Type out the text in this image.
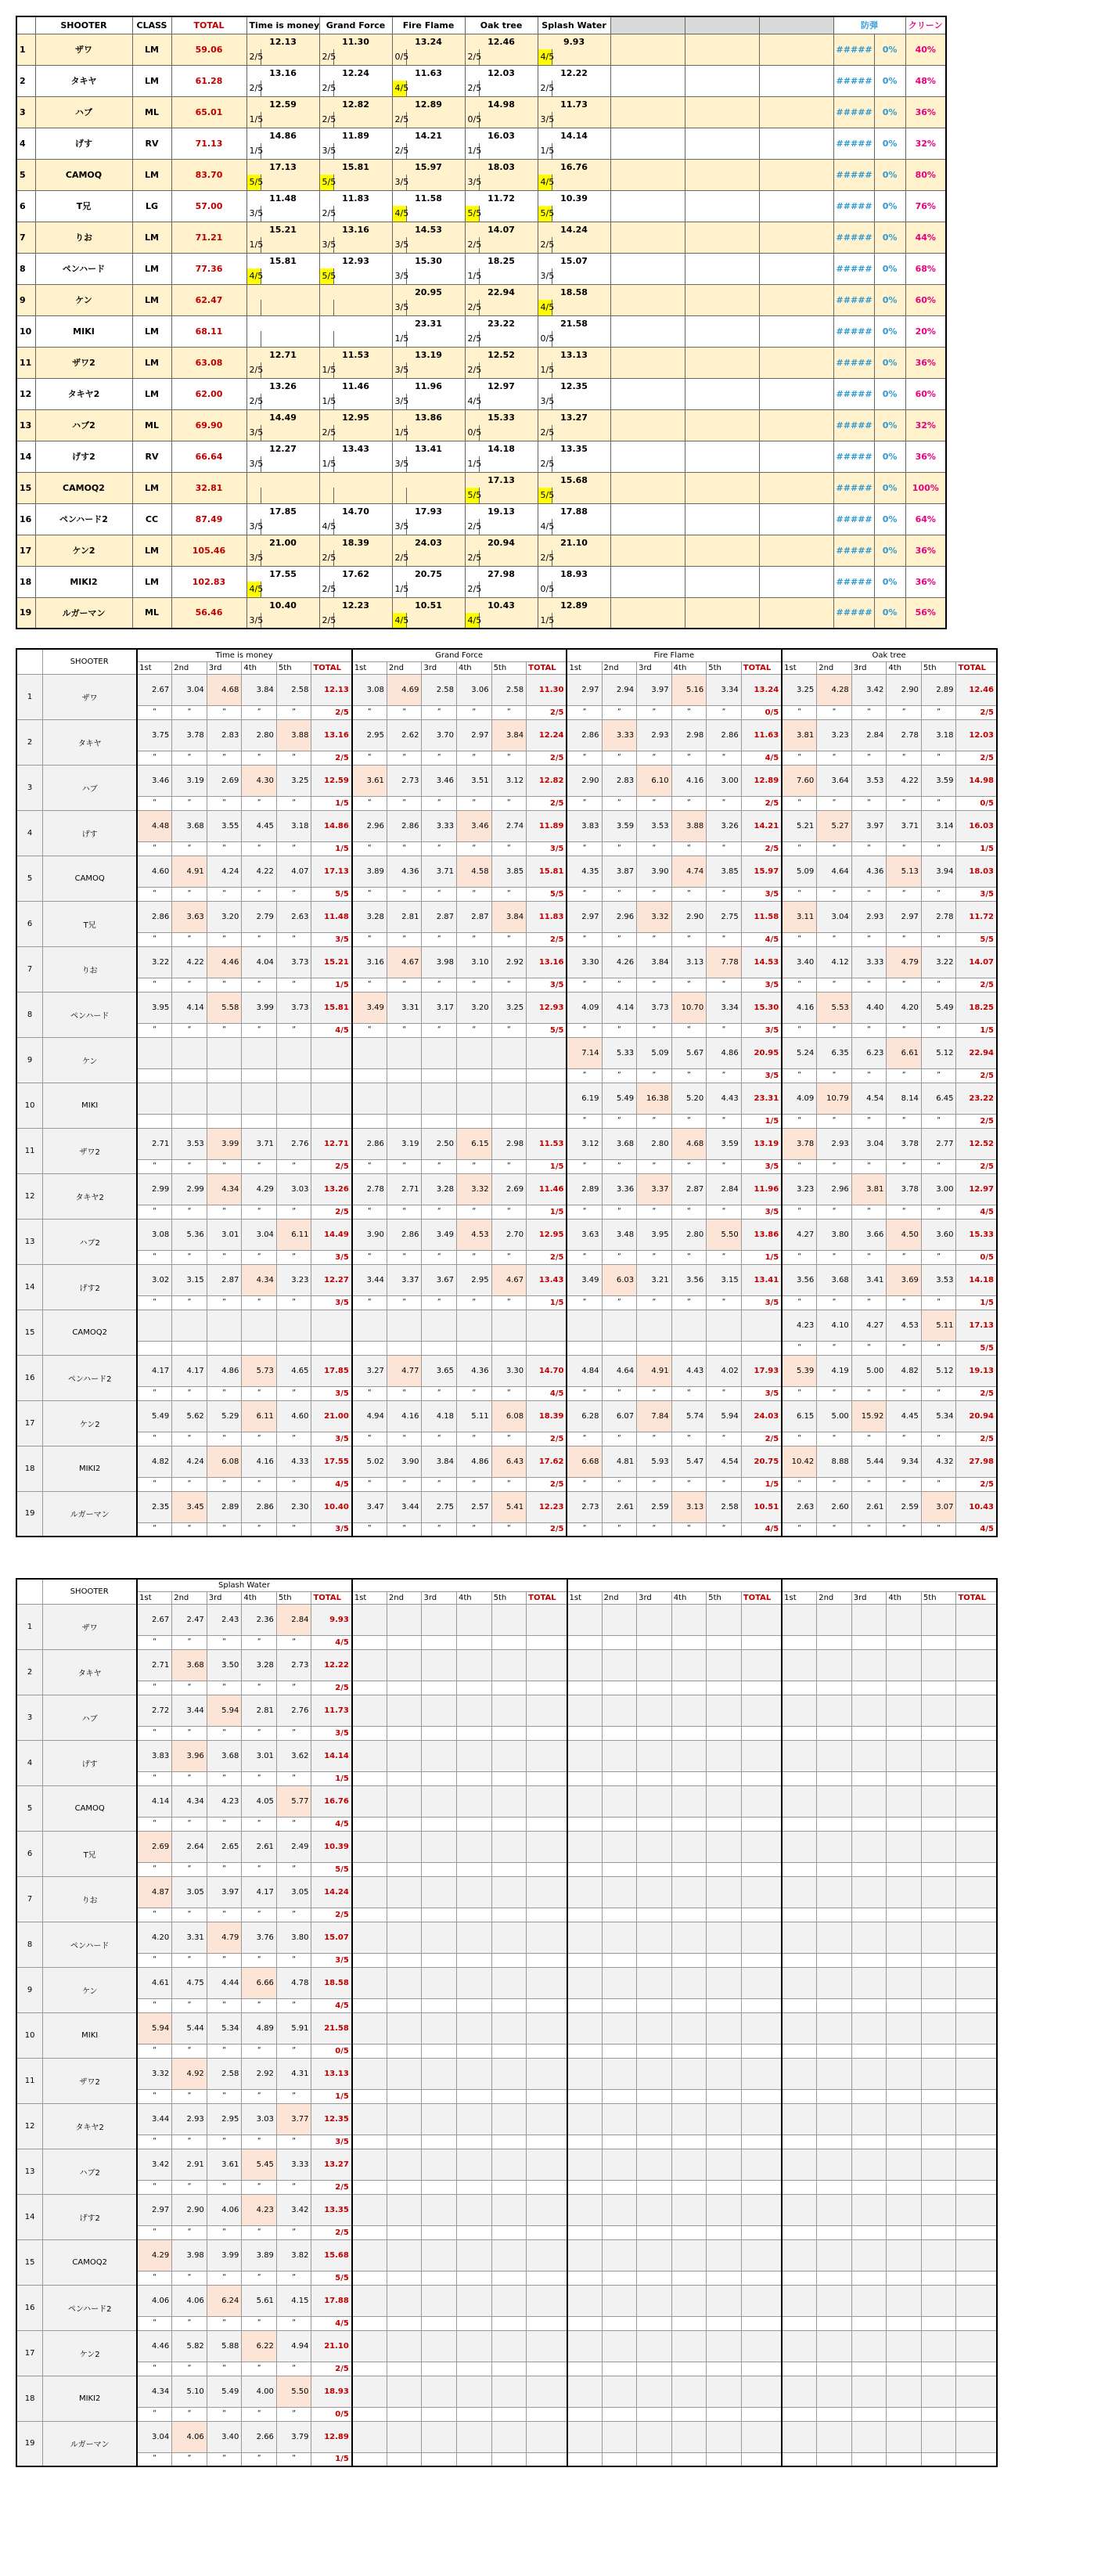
	SHOOTER	CLASS	TOTAL	Time is money		Grand Force		Fire Flame		Oak tree		Splash Water					防弾		クリーン
1	ザワ	LM	59.06	12.13		11.30		13.24		12.46		9.93					#####	0%	40%
				2/5		2/5		0/5		2/5		4/5							
2	タキヤ	LM	61.28	13.16		12.24		11.63		12.03		12.22					#####	0%	48%
				2/5		2/5		4/5		2/5		2/5							
3	ハブ	ML	65.01	12.59		12.82		12.89		14.98		11.73					#####	0%	36%
				1/5		2/5		2/5		0/5		3/5							
4	げす	RV	71.13	14.86		11.89		14.21		16.03		14.14					#####	0%	32%
				1/5		3/5		2/5		1/5		1/5							
5	CAMOQ	LM	83.70	17.13		15.81		15.97		18.03		16.76					#####	0%	80%
				5/5		5/5		3/5		3/5		4/5							
6	T兄	LG	57.00	11.48		11.83		11.58		11.72		10.39					#####	0%	76%
				3/5		2/5		4/5		5/5		5/5							
7	りお	LM	71.21	15.21		13.16		14.53		14.07		14.24					#####	0%	44%
				1/5		3/5		3/5		2/5		2/5							
8	ペンハード	LM	77.36	15.81		12.93		15.30		18.25		15.07					#####	0%	68%
				4/5		5/5		3/5		1/5		3/5							
9	ケン	LM	62.47					20.95		22.94		18.58					#####	0%	60%
								3/5		2/5		4/5							
10	MIKI	LM	68.11					23.31		23.22		21.58					#####	0%	20%
								1/5		2/5		0/5							
11	ザワ2	LM	63.08	12.71		11.53		13.19		12.52		13.13					#####	0%	36%
				2/5		1/5		3/5		2/5		1/5							
12	タキヤ2	LM	62.00	13.26		11.46		11.96		12.97		12.35					#####	0%	60%
				2/5		1/5		3/5		4/5		3/5							
13	ハブ2	ML	69.90	14.49		12.95		13.86		15.33		13.27					#####	0%	32%
				3/5		2/5		1/5		0/5		2/5							
14	げす2	RV	66.64	12.27		13.43		13.41		14.18		13.35					#####	0%	36%
				3/5		1/5		3/5		1/5		2/5							
15	CAMOQ2	LM	32.81							17.13		15.68					#####	0%	100%
										5/5		5/5							
16	ペンハード2	CC	87.49	17.85		14.70		17.93		19.13		17.88					#####	0%	64%
				3/5		4/5		3/5		2/5		4/5							
17	ケン2	LM	105.46	21.00		18.39		24.03		20.94		21.10					#####	0%	36%
				3/5		2/5		2/5		2/5		2/5							
18	MIKI2	LM	102.83	17.55		17.62		20.75		27.98		18.93					#####	0%	36%
				4/5		2/5		1/5		2/5		0/5							
19	ルガーマン	ML	56.46	10.40		12.23		10.51		10.43		12.89					#####	0%	56%
				3/5		2/5		4/5		4/5		1/5							
	SHOOTER	Time is money						Grand Force						Fire Flame						Oak tree					
		1st	2nd	3rd	4th	5th	TOTAL	1st	2nd	3rd	4th	5th	TOTAL	1st	2nd	3rd	4th	5th	TOTAL	1st	2nd	3rd	4th	5th	TOTAL
1	ザワ	2.67	3.04	4.68	3.84	2.58	12.13	3.08	4.69	2.58	3.06	2.58	11.30	2.97	2.94	3.97	5.16	3.34	13.24	3.25	4.28	3.42	2.90	2.89	12.46
		ʺ	ʺ	ʺ	ʺ	ʺ	2/5	ʺ	ʺ	ʺ	ʺ	ʺ	2/5	ʺ	ʺ	ʺ	ʺ	ʺ	0/5	ʺ	ʺ	ʺ	ʺ	ʺ	2/5
2	タキヤ	3.75	3.78	2.83	2.80	3.88	13.16	2.95	2.62	3.70	2.97	3.84	12.24	2.86	3.33	2.93	2.98	2.86	11.63	3.81	3.23	2.84	2.78	3.18	12.03
		ʺ	ʺ	ʺ	ʺ	ʺ	2/5	ʺ	ʺ	ʺ	ʺ	ʺ	2/5	ʺ	ʺ	ʺ	ʺ	ʺ	4/5	ʺ	ʺ	ʺ	ʺ	ʺ	2/5
3	ハブ	3.46	3.19	2.69	4.30	3.25	12.59	3.61	2.73	3.46	3.51	3.12	12.82	2.90	2.83	6.10	4.16	3.00	12.89	7.60	3.64	3.53	4.22	3.59	14.98
		ʺ	ʺ	ʺ	ʺ	ʺ	1/5	ʺ	ʺ	ʺ	ʺ	ʺ	2/5	ʺ	ʺ	ʺ	ʺ	ʺ	2/5	ʺ	ʺ	ʺ	ʺ	ʺ	0/5
4	げす	4.48	3.68	3.55	4.45	3.18	14.86	2.96	2.86	3.33	3.46	2.74	11.89	3.83	3.59	3.53	3.88	3.26	14.21	5.21	5.27	3.97	3.71	3.14	16.03
		ʺ	ʺ	ʺ	ʺ	ʺ	1/5	ʺ	ʺ	ʺ	ʺ	ʺ	3/5	ʺ	ʺ	ʺ	ʺ	ʺ	2/5	ʺ	ʺ	ʺ	ʺ	ʺ	1/5
5	CAMOQ	4.60	4.91	4.24	4.22	4.07	17.13	3.89	4.36	3.71	4.58	3.85	15.81	4.35	3.87	3.90	4.74	3.85	15.97	5.09	4.64	4.36	5.13	3.94	18.03
		ʺ	ʺ	ʺ	ʺ	ʺ	5/5	ʺ	ʺ	ʺ	ʺ	ʺ	5/5	ʺ	ʺ	ʺ	ʺ	ʺ	3/5	ʺ	ʺ	ʺ	ʺ	ʺ	3/5
6	T兄	2.86	3.63	3.20	2.79	2.63	11.48	3.28	2.81	2.87	2.87	3.84	11.83	2.97	2.96	3.32	2.90	2.75	11.58	3.11	3.04	2.93	2.97	2.78	11.72
		ʺ	ʺ	ʺ	ʺ	ʺ	3/5	ʺ	ʺ	ʺ	ʺ	ʺ	2/5	ʺ	ʺ	ʺ	ʺ	ʺ	4/5	ʺ	ʺ	ʺ	ʺ	ʺ	5/5
7	りお	3.22	4.22	4.46	4.04	3.73	15.21	3.16	4.67	3.98	3.10	2.92	13.16	3.30	4.26	3.84	3.13	7.78	14.53	3.40	4.12	3.33	4.79	3.22	14.07
		ʺ	ʺ	ʺ	ʺ	ʺ	1/5	ʺ	ʺ	ʺ	ʺ	ʺ	3/5	ʺ	ʺ	ʺ	ʺ	ʺ	3/5	ʺ	ʺ	ʺ	ʺ	ʺ	2/5
8	ペンハード	3.95	4.14	5.58	3.99	3.73	15.81	3.49	3.31	3.17	3.20	3.25	12.93	4.09	4.14	3.73	10.70	3.34	15.30	4.16	5.53	4.40	4.20	5.49	18.25
		ʺ	ʺ	ʺ	ʺ	ʺ	4/5	ʺ	ʺ	ʺ	ʺ	ʺ	5/5	ʺ	ʺ	ʺ	ʺ	ʺ	3/5	ʺ	ʺ	ʺ	ʺ	ʺ	1/5
9	ケン													7.14	5.33	5.09	5.67	4.86	20.95	5.24	6.35	6.23	6.61	5.12	22.94
														ʺ	ʺ	ʺ	ʺ	ʺ	3/5	ʺ	ʺ	ʺ	ʺ	ʺ	2/5
10	MIKI													6.19	5.49	16.38	5.20	4.43	23.31	4.09	10.79	4.54	8.14	6.45	23.22
														ʺ	ʺ	ʺ	ʺ	ʺ	1/5	ʺ	ʺ	ʺ	ʺ	ʺ	2/5
11	ザワ2	2.71	3.53	3.99	3.71	2.76	12.71	2.86	3.19	2.50	6.15	2.98	11.53	3.12	3.68	2.80	4.68	3.59	13.19	3.78	2.93	3.04	3.78	2.77	12.52
		ʺ	ʺ	ʺ	ʺ	ʺ	2/5	ʺ	ʺ	ʺ	ʺ	ʺ	1/5	ʺ	ʺ	ʺ	ʺ	ʺ	3/5	ʺ	ʺ	ʺ	ʺ	ʺ	2/5
12	タキヤ2	2.99	2.99	4.34	4.29	3.03	13.26	2.78	2.71	3.28	3.32	2.69	11.46	2.89	3.36	3.37	2.87	2.84	11.96	3.23	2.96	3.81	3.78	3.00	12.97
		ʺ	ʺ	ʺ	ʺ	ʺ	2/5	ʺ	ʺ	ʺ	ʺ	ʺ	1/5	ʺ	ʺ	ʺ	ʺ	ʺ	3/5	ʺ	ʺ	ʺ	ʺ	ʺ	4/5
13	ハブ2	3.08	5.36	3.01	3.04	6.11	14.49	3.90	2.86	3.49	4.53	2.70	12.95	3.63	3.48	3.95	2.80	5.50	13.86	4.27	3.80	3.66	4.50	3.60	15.33
		ʺ	ʺ	ʺ	ʺ	ʺ	3/5	ʺ	ʺ	ʺ	ʺ	ʺ	2/5	ʺ	ʺ	ʺ	ʺ	ʺ	1/5	ʺ	ʺ	ʺ	ʺ	ʺ	0/5
14	げす2	3.02	3.15	2.87	4.34	3.23	12.27	3.44	3.37	3.67	2.95	4.67	13.43	3.49	6.03	3.21	3.56	3.15	13.41	3.56	3.68	3.41	3.69	3.53	14.18
		ʺ	ʺ	ʺ	ʺ	ʺ	3/5	ʺ	ʺ	ʺ	ʺ	ʺ	1/5	ʺ	ʺ	ʺ	ʺ	ʺ	3/5	ʺ	ʺ	ʺ	ʺ	ʺ	1/5
15	CAMOQ2																			4.23	4.10	4.27	4.53	5.11	17.13
																				ʺ	ʺ	ʺ	ʺ	ʺ	5/5
16	ペンハード2	4.17	4.17	4.86	5.73	4.65	17.85	3.27	4.77	3.65	4.36	3.30	14.70	4.84	4.64	4.91	4.43	4.02	17.93	5.39	4.19	5.00	4.82	5.12	19.13
		ʺ	ʺ	ʺ	ʺ	ʺ	3/5	ʺ	ʺ	ʺ	ʺ	ʺ	4/5	ʺ	ʺ	ʺ	ʺ	ʺ	3/5	ʺ	ʺ	ʺ	ʺ	ʺ	2/5
17	ケン2	5.49	5.62	5.29	6.11	4.60	21.00	4.94	4.16	4.18	5.11	6.08	18.39	6.28	6.07	7.84	5.74	5.94	24.03	6.15	5.00	15.92	4.45	5.34	20.94
		ʺ	ʺ	ʺ	ʺ	ʺ	3/5	ʺ	ʺ	ʺ	ʺ	ʺ	2/5	ʺ	ʺ	ʺ	ʺ	ʺ	2/5	ʺ	ʺ	ʺ	ʺ	ʺ	2/5
18	MIKI2	4.82	4.24	6.08	4.16	4.33	17.55	5.02	3.90	3.84	4.86	6.43	17.62	6.68	4.81	5.93	5.47	4.54	20.75	10.42	8.88	5.44	9.34	4.32	27.98
		ʺ	ʺ	ʺ	ʺ	ʺ	4/5	ʺ	ʺ	ʺ	ʺ	ʺ	2/5	ʺ	ʺ	ʺ	ʺ	ʺ	1/5	ʺ	ʺ	ʺ	ʺ	ʺ	2/5
19	ルガーマン	2.35	3.45	2.89	2.86	2.30	10.40	3.47	3.44	2.75	2.57	5.41	12.23	2.73	2.61	2.59	3.13	2.58	10.51	2.63	2.60	2.61	2.59	3.07	10.43
		ʺ	ʺ	ʺ	ʺ	ʺ	3/5	ʺ	ʺ	ʺ	ʺ	ʺ	2/5	ʺ	ʺ	ʺ	ʺ	ʺ	4/5	ʺ	ʺ	ʺ	ʺ	ʺ	4/5
	SHOOTER	Splash Water																							
		1st	2nd	3rd	4th	5th	TOTAL	1st	2nd	3rd	4th	5th	TOTAL	1st	2nd	3rd	4th	5th	TOTAL	1st	2nd	3rd	4th	5th	TOTAL
1	ザワ	2.67	2.47	2.43	2.36	2.84	9.93																		
		ʺ	ʺ	ʺ	ʺ	ʺ	4/5																		
2	タキヤ	2.71	3.68	3.50	3.28	2.73	12.22																		
		ʺ	ʺ	ʺ	ʺ	ʺ	2/5																		
3	ハブ	2.72	3.44	5.94	2.81	2.76	11.73																		
		ʺ	ʺ	ʺ	ʺ	ʺ	3/5																		
4	げす	3.83	3.96	3.68	3.01	3.62	14.14																		
		ʺ	ʺ	ʺ	ʺ	ʺ	1/5																		
5	CAMOQ	4.14	4.34	4.23	4.05	5.77	16.76																		
		ʺ	ʺ	ʺ	ʺ	ʺ	4/5																		
6	T兄	2.69	2.64	2.65	2.61	2.49	10.39																		
		ʺ	ʺ	ʺ	ʺ	ʺ	5/5																		
7	りお	4.87	3.05	3.97	4.17	3.05	14.24																		
		ʺ	ʺ	ʺ	ʺ	ʺ	2/5																		
8	ペンハード	4.20	3.31	4.79	3.76	3.80	15.07																		
		ʺ	ʺ	ʺ	ʺ	ʺ	3/5																		
9	ケン	4.61	4.75	4.44	6.66	4.78	18.58																		
		ʺ	ʺ	ʺ	ʺ	ʺ	4/5																		
10	MIKI	5.94	5.44	5.34	4.89	5.91	21.58																		
		ʺ	ʺ	ʺ	ʺ	ʺ	0/5																		
11	ザワ2	3.32	4.92	2.58	2.92	4.31	13.13																		
		ʺ	ʺ	ʺ	ʺ	ʺ	1/5																		
12	タキヤ2	3.44	2.93	2.95	3.03	3.77	12.35																		
		ʺ	ʺ	ʺ	ʺ	ʺ	3/5																		
13	ハブ2	3.42	2.91	3.61	5.45	3.33	13.27																		
		ʺ	ʺ	ʺ	ʺ	ʺ	2/5																		
14	げす2	2.97	2.90	4.06	4.23	3.42	13.35																		
		ʺ	ʺ	ʺ	ʺ	ʺ	2/5																		
15	CAMOQ2	4.29	3.98	3.99	3.89	3.82	15.68																		
		ʺ	ʺ	ʺ	ʺ	ʺ	5/5																		
16	ペンハード2	4.06	4.06	6.24	5.61	4.15	17.88																		
		ʺ	ʺ	ʺ	ʺ	ʺ	4/5																		
17	ケン2	4.46	5.82	5.88	6.22	4.94	21.10																		
		ʺ	ʺ	ʺ	ʺ	ʺ	2/5																		
18	MIKI2	4.34	5.10	5.49	4.00	5.50	18.93																		
		ʺ	ʺ	ʺ	ʺ	ʺ	0/5																		
19	ルガーマン	3.04	4.06	3.40	2.66	3.79	12.89																		
		ʺ	ʺ	ʺ	ʺ	ʺ	1/5																		
